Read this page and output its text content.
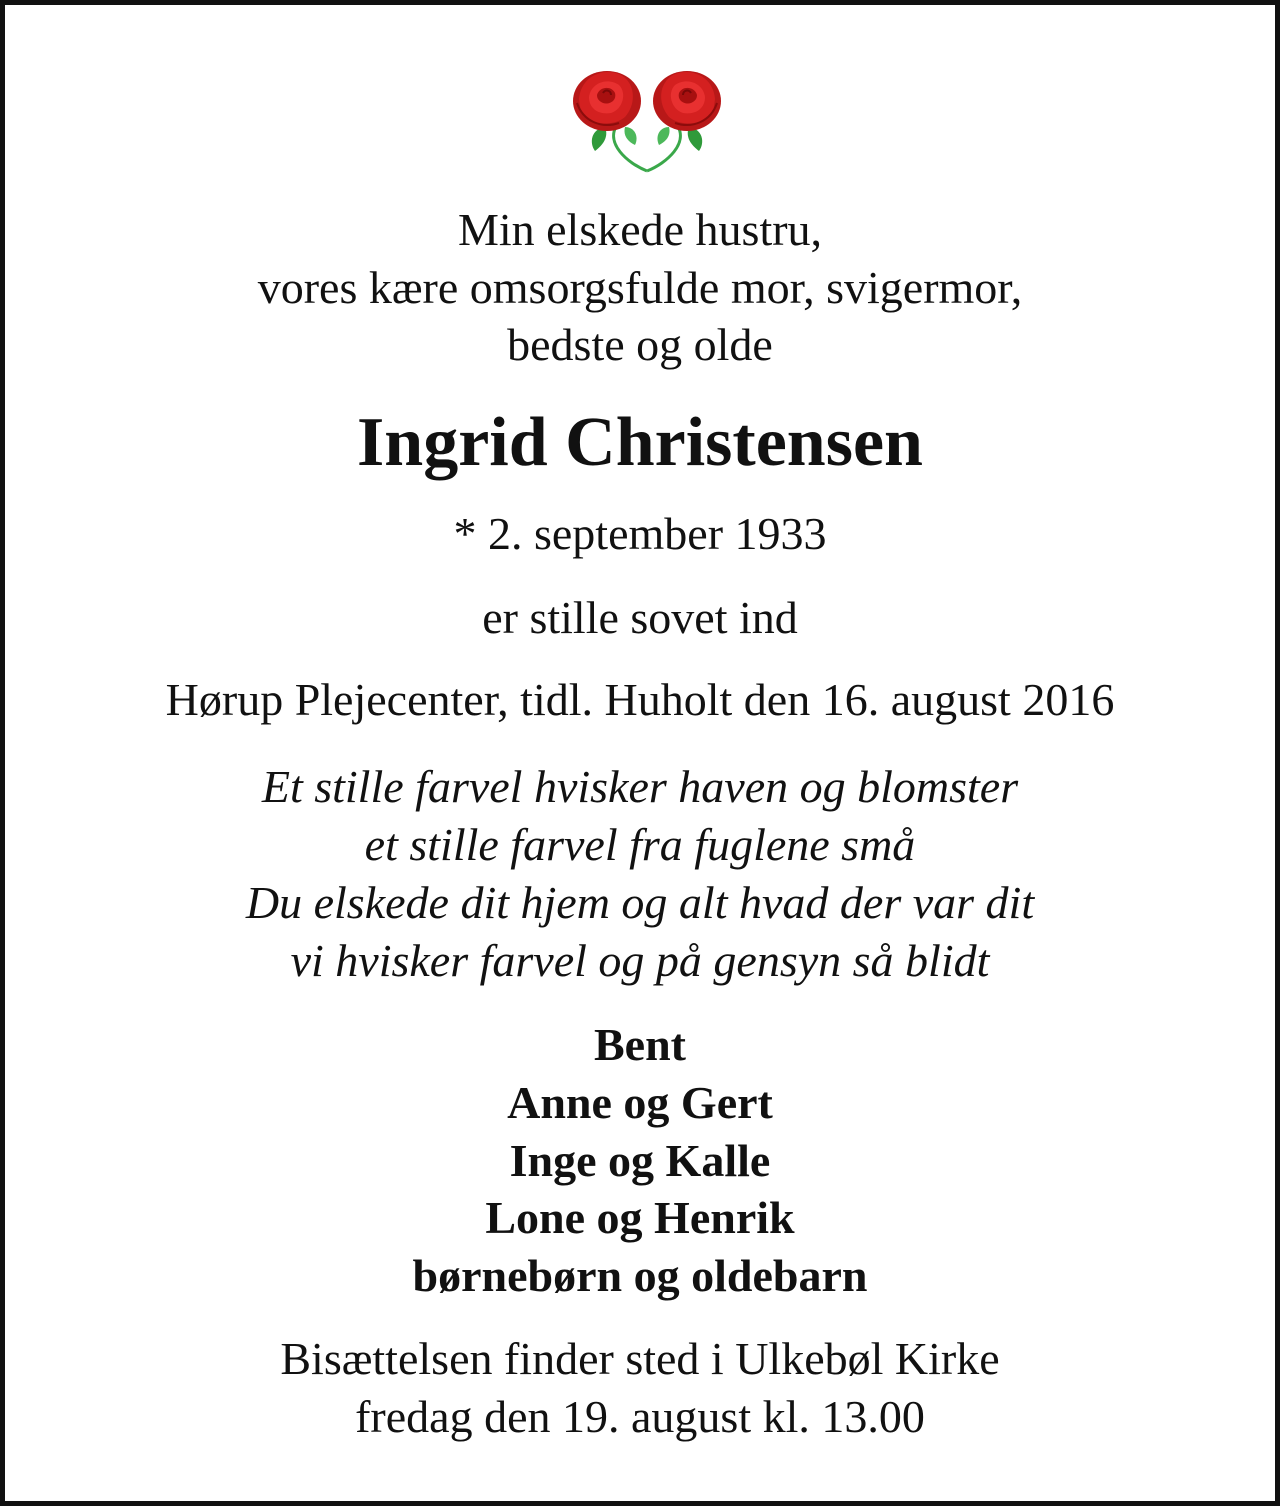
Min elskede hustru,
vores kære omsorgsfulde mor, svigermor,
bedste og olde
Ingrid Christensen
* 2. september 1933
er stille sovet ind
Hørup Plejecenter, tidl. Huholt den 16. august 2016
Et stille farvel hvisker haven og blomster
et stille farvel fra fuglene små
Du elskede dit hjem og alt hvad der var dit
vi hvisker farvel og på gensyn så blidt
Bent
Anne og Gert
Inge og Kalle
Lone og Henrik
børnebørn og oldebarn
Bisættelsen finder sted i Ulkebøl Kirke
fredag den 19. august kl. 13.00
